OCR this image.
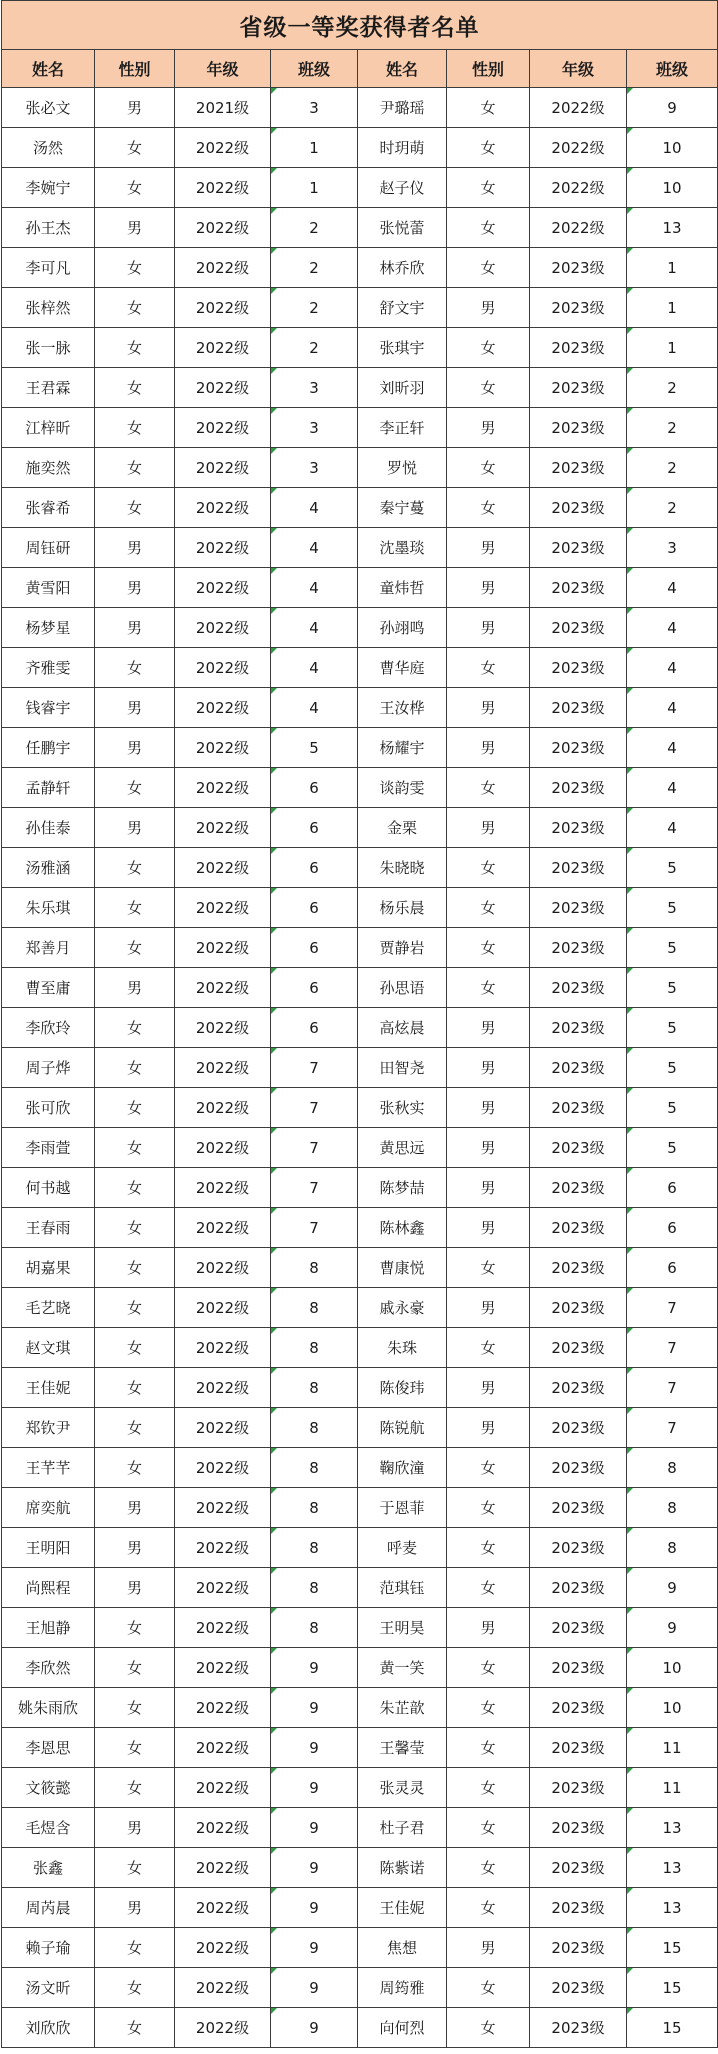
省级一等奖获得者名单							
姓名	性别	年级	班级	姓名	性别	年级	班级
张必文	男	2021级	3	尹璐瑶	女	2022级	9
汤然	女	2022级	1	时玥萌	女	2022级	10
李婉宁	女	2022级	1	赵子仪	女	2022级	10
孙王杰	男	2022级	2	张悦蕾	女	2022级	13
李可凡	女	2022级	2	林乔欣	女	2023级	1
张梓然	女	2022级	2	舒文宇	男	2023级	1
张一脉	女	2022级	2	张琪宇	女	2023级	1
王君霖	女	2022级	3	刘昕羽	女	2023级	2
江梓昕	女	2022级	3	李正轩	男	2023级	2
施奕然	女	2022级	3	罗悦	女	2023级	2
张睿希	女	2022级	4	秦宁蔓	女	2023级	2
周钰研	男	2022级	4	沈墨琰	男	2023级	3
黄雪阳	男	2022级	4	童炜哲	男	2023级	4
杨梦星	男	2022级	4	孙翊鸣	男	2023级	4
齐雅雯	女	2022级	4	曹华庭	女	2023级	4
钱睿宇	男	2022级	4	王汝桦	男	2023级	4
任鹏宇	男	2022级	5	杨耀宇	男	2023级	4
孟静轩	女	2022级	6	谈韵雯	女	2023级	4
孙佳泰	男	2022级	6	金栗	男	2023级	4
汤雅涵	女	2022级	6	朱晓晓	女	2023级	5
朱乐琪	女	2022级	6	杨乐晨	女	2023级	5
郑善月	女	2022级	6	贾静岩	女	2023级	5
曹至庸	男	2022级	6	孙思语	女	2023级	5
李欣玲	女	2022级	6	高炫晨	男	2023级	5
周子烨	女	2022级	7	田智尧	男	2023级	5
张可欣	女	2022级	7	张秋实	男	2023级	5
李雨萱	女	2022级	7	黄思远	男	2023级	5
何书越	女	2022级	7	陈梦喆	男	2023级	6
王春雨	女	2022级	7	陈林鑫	男	2023级	6
胡嘉果	女	2022级	8	曹康悦	女	2023级	6
毛艺晓	女	2022级	8	戚永豪	男	2023级	7
赵文琪	女	2022级	8	朱珠	女	2023级	7
王佳妮	女	2022级	8	陈俊玮	男	2023级	7
郑钦尹	女	2022级	8	陈锐航	男	2023级	7
王芊芊	女	2022级	8	鞠欣潼	女	2023级	8
席奕航	男	2022级	8	于恩菲	女	2023级	8
王明阳	男	2022级	8	呼麦	女	2023级	8
尚熙程	男	2022级	8	范琪钰	女	2023级	9
王旭静	女	2022级	8	王明昊	男	2023级	9
李欣然	女	2022级	9	黄一笑	女	2023级	10
姚朱雨欣	女	2022级	9	朱芷歆	女	2023级	10
李恩思	女	2022级	9	王馨莹	女	2023级	11
文筱懿	女	2022级	9	张灵灵	女	2023级	11
毛煜含	男	2022级	9	杜子君	女	2023级	13
张鑫	女	2022级	9	陈紫诺	女	2023级	13
周芮晨	男	2022级	9	王佳妮	女	2023级	13
赖子瑜	女	2022级	9	焦想	男	2023级	15
汤文昕	女	2022级	9	周筠雅	女	2023级	15
刘欣欣	女	2022级	9	向何烈	女	2023级	15
